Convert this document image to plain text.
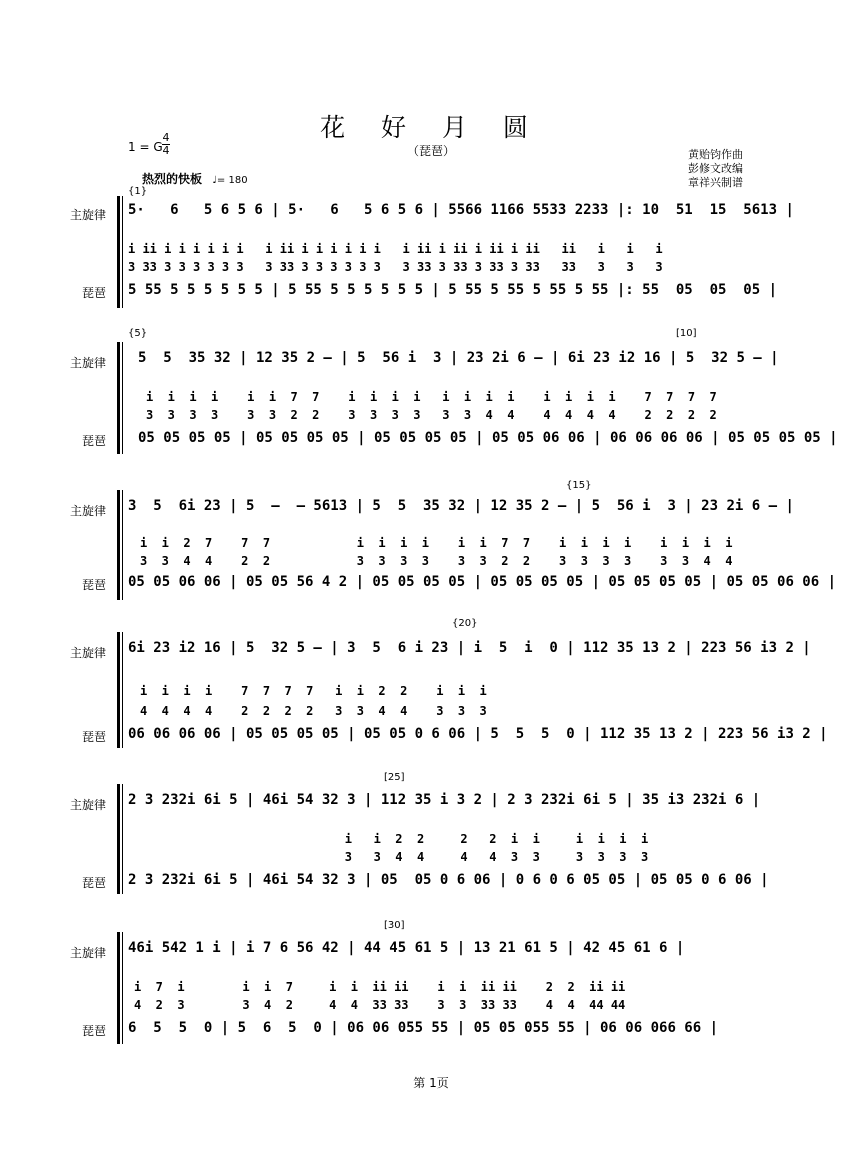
花 好 月 圆
（琵琶）
1 = G
4
4
热烈的快板 ♩= 180
黄贻钧作曲
彭修文改编
章祥兴制谱
{1}
主旋律
琵琶
5·   6   5 6 5 6 | 5·   6   5 6 5 6 | 5566 1166 5533 2233 |: 10  51  15  5613 |
i ii i i i i i i   i ii i i i i i i   i ii i ii i ii i ii   ii   i   i   i
3 33 3 3 3 3 3 3   3 33 3 3 3 3 3 3   3 33 3 33 3 33 3 33   33   3   3   3
5 55 5 5 5 5 5 5 | 5 55 5 5 5 5 5 5 | 5 55 5 55 5 55 5 55 |: 55  05  05  05 |
{5}	[10]
主旋律
琵琶
5  5  35 32 | 12 35 2 – | 5  56 i  3 | 23 2i 6 – | 6i 23 i2 16 | 5  32 5 – |
i  i  i  i    i  i  7  7    i  i  i  i   i  i  i  i    i  i  i  i    7  7  7  7
3  3  3  3    3  3  2  2    3  3  3  3   3  3  4  4    4  4  4  4    2  2  2  2
05 05 05 05 | 05 05 05 05 | 05 05 05 05 | 05 05 06 06 | 06 06 06 06 | 05 05 05 05 |
{15}
主旋律
琵琶
3  5  6i 23 | 5  –  – 5613 | 5  5  35 32 | 12 35 2 – | 5  56 i  3 | 23 2i 6 – |
i  i  2  7    7  7            i  i  i  i    i  i  7  7    i  i  i  i    i  i  i  i
3  3  4  4    2  2            3  3  3  3    3  3  2  2    3  3  3  3    3  3  4  4
05 05 06 06 | 05 05 56 4 2 | 05 05 05 05 | 05 05 05 05 | 05 05 05 05 | 05 05 06 06 |
{20}
主旋律
琵琶
6i 23 i2 16 | 5  32 5 – | 3  5  6 i 23 | i  5  i  0 | 112 35 13 2 | 223 56 i3 2 |
i  i  i  i    7  7  7  7   i  i  2  2    i  i  i
4  4  4  4    2  2  2  2   3  3  4  4    3  3  3
06 06 06 06 | 05 05 05 05 | 05 05 0 6 06 | 5  5  5  0 | 112 35 13 2 | 223 56 i3 2 |
[25]
主旋律
琵琶
2 3 232i 6i 5 | 46i 54 32 3 | 112 35 i 3 2 | 2 3 232i 6i 5 | 35 i3 232i 6 |
i   i  2  2     2   2  i  i     i  i  i  i
3   3  4  4     4   4  3  3     3  3  3  3
2 3 232i 6i 5 | 46i 54 32 3 | 05  05 0 6 06 | 0 6 0 6 05 05 | 05 05 0 6 06 |
[30]
主旋律
琵琶
46i 542 1 i | i 7 6 56 42 | 44 45 61 5 | 13 21 61 5 | 42 45 61 6 |
i  7  i        i  i  7     i  i  ii ii    i  i  ii ii    2  2  ii ii
4  2  3        3  4  2     4  4  33 33    3  3  33 33    4  4  44 44
6  5  5  0 | 5  6  5  0 | 06 06 055 55 | 05 05 055 55 | 06 06 066 66 |
第 1页
